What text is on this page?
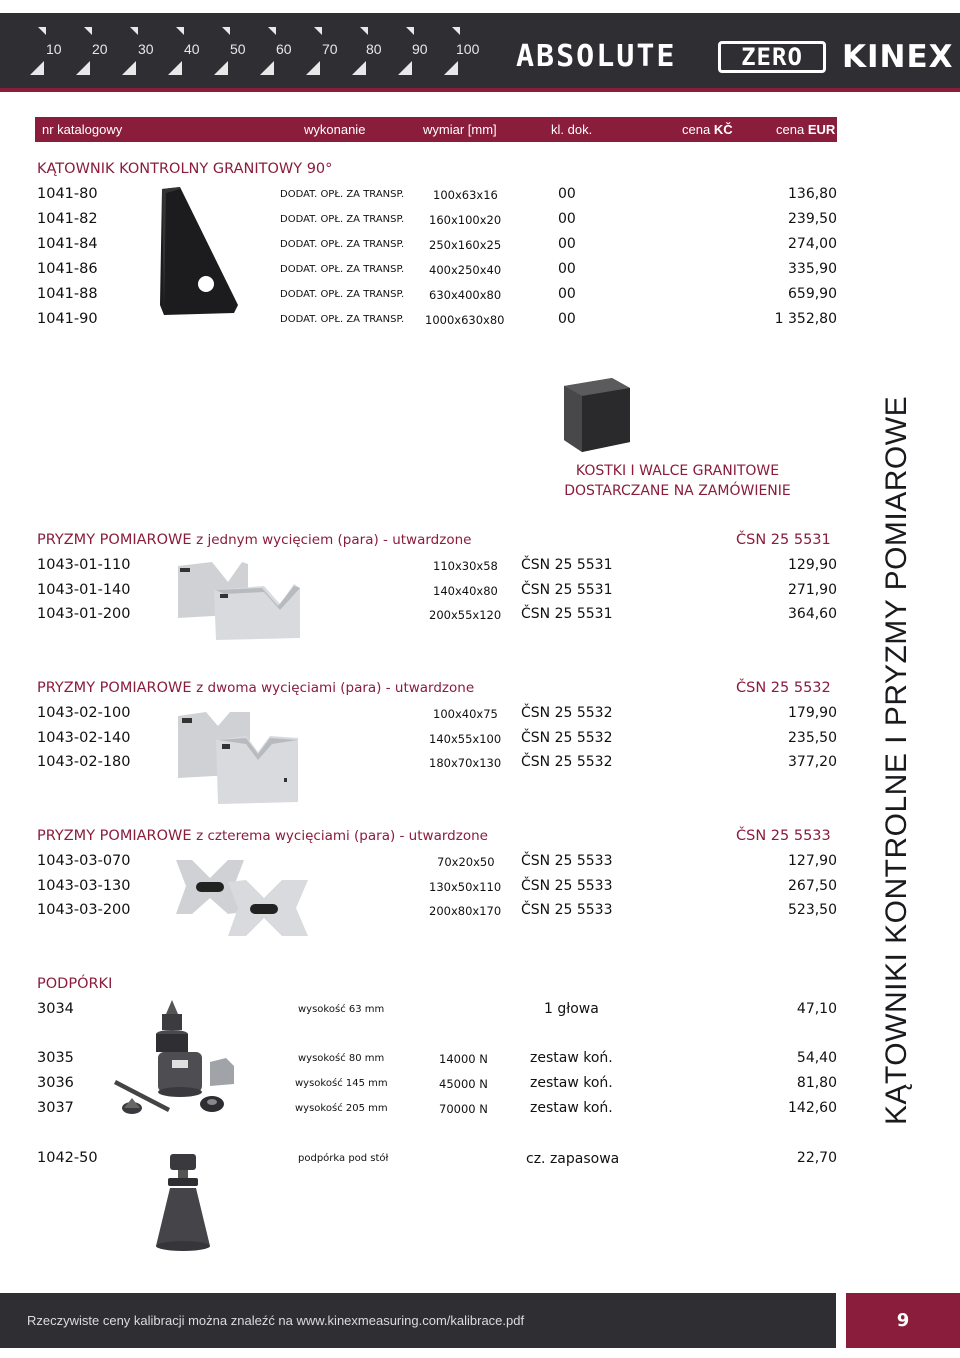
10 20 30 40 50 60 70 80 90 100 ABSOLUTE	ZERO	KINEX
nr katalogowy	wykonanie	wymiar [mm]	kl. dok.	cena KČ	cena EUR
KĄTOWNIK KONTROLNY GRANITOWY 90°
1041-80	DODAT. OPŁ. ZA TRANSP.	100x63x16	00	136,80
1041-82	DODAT. OPŁ. ZA TRANSP. 160x100x20	00	239,50
1041-84	DODAT. OPŁ. ZA TRANSP. 250x160x25	00	274,00
1041-86	DODAT. OPŁ. ZA TRANSP. 400x250x40	00	335,90
1041-88	DODAT. OPŁ. ZA TRANSP. 630x400x80	00	659,90
1041-90	DODAT. OPŁ. ZA TRANSP. 1000x630x80	00	1 352,80
KOSTKI I WALCE GRANITOWE
DOSTARCZANE NA ZAMÓWIENIE
PRYZMY POMIAROWE z jednym wycięciem (para) - utwardzone	ČSN 25 5531
1043-01-110	110x30x58 ČSN 25 5531	129,90
1043-01-140	140x40x80 ČSN 25 5531	271,90
1043-01-200	200x55x120 ČSN 25 5531	364,60
PRYZMY POMIAROWE z dwoma wycięciami (para) - utwardzone	ČSN 25 5532
1043-02-100	100x40x75 ČSN 25 5532	179,90
1043-02-140	140x55x100 ČSN 25 5532	235,50
1043-02-180	180x70x130 ČSN 25 5532	377,20
PRYZMY POMIAROWE z czterema wycięciami (para) - utwardzone	ČSN 25 5533
1043-03-070	70x20x50 ČSN 25 5533	127,90
1043-03-130	130x50x110 ČSN 25 5533	267,50
1043-03-200	200x80x170 ČSN 25 5533	523,50
PODPÓRKI
3034	wysokość 63 mm	1 głowa	47,10
3035	wysokość 80 mm	14000 N	zestaw koń.	54,40
3036	wysokość 145 mm	45000 N	zestaw koń.	81,80
3037	wysokość 205 mm	70000 N	zestaw koń.	142,60
1042-50	podpórka pod stół	cz. zapasowa	22,70
KĄTOWNIKI KONTROLNE I PRYZMY POMIAROWE
Rzeczywiste ceny kalibracji można znaleźć na www.kinexmeasuring.com/kalibrace.pdf	9
